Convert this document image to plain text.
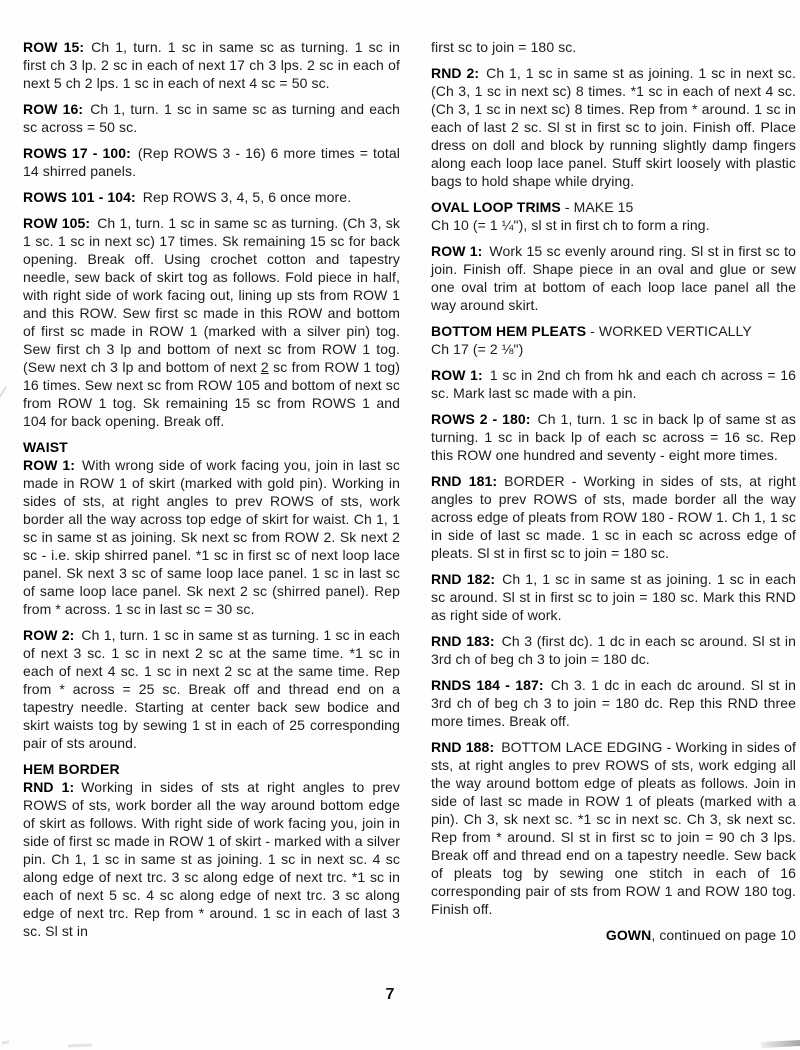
ROW 15: Ch 1, turn. 1 sc in same sc as turning. 1 sc in first ch 3 lp. 2 sc in each of next 17 ch 3 lps. 2 sc in each of next 5 ch 2 lps. 1 sc in each of next 4 sc = 50 sc.

ROW 16: Ch 1, turn. 1 sc in same sc as turning and each sc across = 50 sc.

ROWS 17 - 100: (Rep ROWS 3 - 16) 6 more times = total 14 shirred panels.

ROWS 101 - 104: Rep ROWS 3, 4, 5, 6 once more.

ROW 105: Ch 1, turn. 1 sc in same sc as turning. (Ch 3, sk 1 sc. 1 sc in next sc) 17 times. Sk remaining 15 sc for back opening. Break off. Using crochet cotton and tapestry needle, sew back of skirt tog as follows. Fold piece in half, with right side of work facing out, lining up sts from ROW 1 and this ROW. Sew first sc made in this ROW and bottom of first sc made in ROW 1 (marked with a silver pin) tog. Sew first ch 3 lp and bottom of next sc from ROW 1 tog. (Sew next ch 3 lp and bottom of next 2 sc from ROW 1 tog) 16 times. Sew next sc from ROW 105 and bottom of next sc from ROW 1 tog. Sk remaining 15 sc from ROWS 1 and 104 for back opening. Break off.

WAIST

ROW 1: With wrong side of work facing you, join in last sc made in ROW 1 of skirt (marked with gold pin). Working in sides of sts, at right angles to prev ROWS of sts, work border all the way across top edge of skirt for waist. Ch 1, 1 sc in same st as joining. Sk next sc from ROW 2. Sk next 2 sc - i.e. skip shirred panel. *1 sc in first sc of next loop lace panel. Sk next 3 sc of same loop lace panel. 1 sc in last sc of same loop lace panel. Sk next 2 sc (shirred panel). Rep from * across. 1 sc in last sc = 30 sc.

ROW 2: Ch 1, turn. 1 sc in same st as turning. 1 sc in each of next 3 sc. 1 sc in next 2 sc at the same time. *1 sc in each of next 4 sc. 1 sc in next 2 sc at the same time. Rep from * across = 25 sc. Break off and thread end on a tapestry needle. Starting at center back sew bodice and skirt waists tog by sewing 1 st in each of 25 corresponding pair of sts around.

HEM BORDER

RND 1: Working in sides of sts at right angles to prev ROWS of sts, work border all the way around bottom edge of skirt as follows. With right side of work facing you, join in side of first sc made in ROW 1 of skirt - marked with a silver pin. Ch 1, 1 sc in same st as joining. 1 sc in next sc. 4 sc along edge of next trc. 3 sc along edge of next trc. *1 sc in each of next 5 sc. 4 sc along edge of next trc. 3 sc along edge of next trc. Rep from * around. 1 sc in each of last 3 sc. Sl st in

first sc to join = 180 sc.

RND 2: Ch 1, 1 sc in same st as joining. 1 sc in next sc. (Ch 3, 1 sc in next sc) 8 times. *1 sc in each of next 4 sc. (Ch 3, 1 sc in next sc) 8 times. Rep from * around. 1 sc in each of last 2 sc. Sl st in first sc to join. Finish off. Place dress on doll and block by running slightly damp fingers along each loop lace panel. Stuff skirt loosely with plastic bags to hold shape while drying.

OVAL LOOP TRIMS - MAKE 15

Ch 10 (= 1 ¼"), sl st in first ch to form a ring.

ROW 1: Work 15 sc evenly around ring. Sl st in first sc to join. Finish off. Shape piece in an oval and glue or sew one oval trim at bottom of each loop lace panel all the way around skirt.

BOTTOM HEM PLEATS - WORKED VERTICALLY

Ch 17 (= 2 ⅛")

ROW 1: 1 sc in 2nd ch from hk and each ch across = 16 sc. Mark last sc made with a pin.

ROWS 2 - 180: Ch 1, turn. 1 sc in back lp of same st as turning. 1 sc in back lp of each sc across = 16 sc. Rep this ROW one hundred and seventy - eight more times.

RND 181: BORDER - Working in sides of sts, at right angles to prev ROWS of sts, made border all the way across edge of pleats from ROW 180 - ROW 1. Ch 1, 1 sc in side of last sc made. 1 sc in each sc across edge of pleats. Sl st in first sc to join = 180 sc.

RND 182: Ch 1, 1 sc in same st as joining. 1 sc in each sc around. Sl st in first sc to join = 180 sc. Mark this RND as right side of work.

RND 183: Ch 3 (first dc). 1 dc in each sc around. Sl st in 3rd ch of beg ch 3 to join = 180 dc.

RNDS 184 - 187: Ch 3. 1 dc in each dc around. Sl st in 3rd ch of beg ch 3 to join = 180 dc. Rep this RND three more times. Break off.

RND 188: BOTTOM LACE EDGING - Working in sides of sts, at right angles to prev ROWS of sts, work edging all the way around bottom edge of pleats as follows. Join in side of last sc made in ROW 1 of pleats (marked with a pin). Ch 3, sk next sc. *1 sc in next sc. Ch 3, sk next sc. Rep from * around. Sl st in first sc to join = 90 ch 3 lps. Break off and thread end on a tapestry needle. Sew back of pleats tog by sewing one stitch in each of 16 corresponding pair of sts from ROW 1 and ROW 180 tog. Finish off.

GOWN, continued on page 10

7
